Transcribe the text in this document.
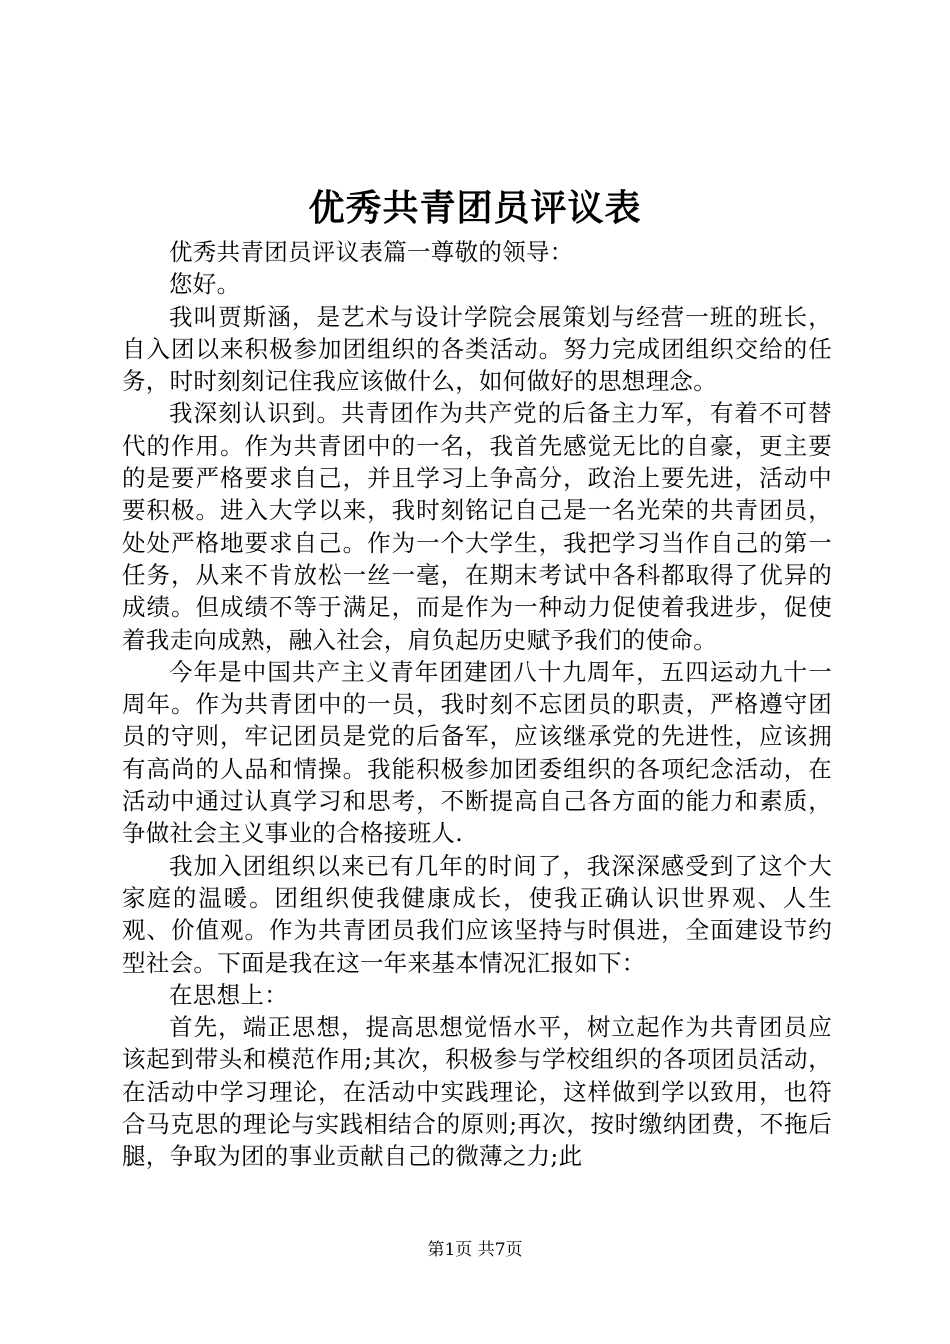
优秀共青团员评议表

优秀共青团员评议表篇一尊敬的领导：

您好。

我叫贾斯涵，是艺术与设计学院会展策划与经营一班的班长，自入团以来积极参加团组织的各类活动。努力完成团组织交给的任务，时时刻刻记住我应该做什么，如何做好的思想理念。

我深刻认识到。共青团作为共产党的后备主力军，有着不可替代的作用。作为共青团中的一名，我首先感觉无比的自豪，更主要的是要严格要求自己，并且学习上争高分，政治上要先进，活动中要积极。进入大学以来，我时刻铭记自己是一名光荣的共青团员，处处严格地要求自己。作为一个大学生，我把学习当作自己的第一任务，从来不肯放松一丝一毫，在期末考试中各科都取得了优异的成绩。但成绩不等于满足，而是作为一种动力促使着我进步，促使着我走向成熟，融入社会，肩负起历史赋予我们的使命。

今年是中国共产主义青年团建团八十九周年，五四运动九十一周年。作为共青团中的一员，我时刻不忘团员的职责，严格遵守团员的守则，牢记团员是党的后备军，应该继承党的先进性，应该拥有高尚的人品和情操。我能积极参加团委组织的各项纪念活动，在活动中通过认真学习和思考，不断提高自己各方面的能力和素质，争做社会主义事业的合格接班人.

我加入团组织以来已有几年的时间了，我深深感受到了这个大家庭的温暖。团组织使我健康成长，使我正确认识世界观、人生观、价值观。作为共青团员我们应该坚持与时俱进，全面建设节约型社会。下面是我在这一年来基本情况汇报如下：

在思想上：

首先，端正思想，提高思想觉悟水平，树立起作为共青团员应该起到带头和模范作用;其次，积极参与学校组织的各项团员活动，在活动中学习理论，在活动中实践理论，这样做到学以致用，也符合马克思的理论与实践相结合的原则;再次，按时缴纳团费，不拖后腿，争取为团的事业贡献自己的微薄之力;此

第1页 共7页
